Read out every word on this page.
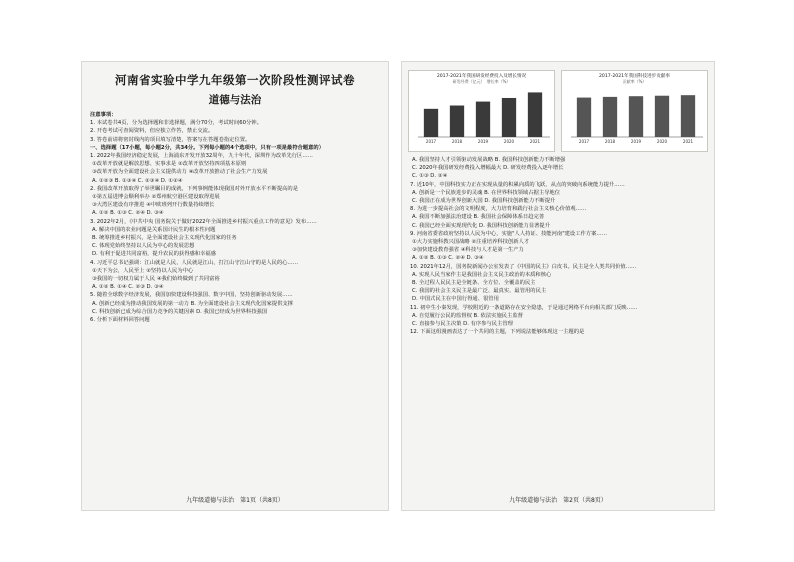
河南省实验中学九年级第一次阶段性测评试卷
道德与法治
注意事项：
1. 本试卷共4页，分为选择题和非选择题，满分70分，考试时间60分钟。
2. 开卷考试可查阅资料，但应独立作答，禁止交流。
3. 答卷前请将密封线内的项目填写清楚，答案写在答题卷指定位置。
一、选择题（17小题，每小题2分，共34分。下列每小题的4个选项中，只有一项是最符合题意的）
1. 2022年我国经济稳定发展，上海浦东开发开放32周年，九十年代，深圳作为改革先行区……
①改革开放就是解放思想、实事求是 ②改革开放坚持四项基本原则
③改革开放为全面建设社会主义提供动力 ④改革开放推动了社会生产力发展
A. ①②③ B. ①③④ C. ②③④ D. ①②④
2. 我国改革开放取得了举世瞩目的成就，下列事例能体现我国对外开放水平不断提高的是
①第五届进博会顺利举办 ②郑州航空港区建设取得进展
③大湾区建设有序推进 ④中欧班列开行数量持续增长
A. ①② B. ①③ C. ②④ D. ③④
3. 2022年2月，《中共中央 国务院关于做好2022年全面推进乡村振兴重点工作的意见》发布……
A. 解决中国的农业问题是关系国计民生的根本性问题
B. 统筹推进乡村振兴，是全面建设社会主义现代化国家的任务
C. 体现党始终坚持以人民为中心的发展思想
D. 有利于促进共同富裕，提升农民的获得感和幸福感
4. 习近平总书记强调：江山就是人民，人民就是江山，打江山守江山守的是人民的心……
①天下为公，人民至上 ②坚持以人民为中心
③我国的一切权力属于人民 ④我们始终做到了共同富裕
A. ①② B. ①④ C. ②③ D. ③④
5. 随着全球数字经济发展，我国加快建设科技强国、数字中国，坚持创新驱动发展……
A. 创新已经成为推动我国发展的第一动力 B. 为全面建设社会主义现代化国家提供支撑
C. 科技创新已成为综合国力竞争的关键因素 D. 我国已经成为世界科技强国
6. 分析下面材料回答问题
九年级道德与法治　第1页（共8页）
2017-2021年我国研发经费投入及增长情况
研发经费（亿元）　增长率（%）
2017	2018	2019	2020	2021
2017-2021年我国科技进步贡献率
贡献率（%）
2017	2018	2019	2020	2021
A. 我国坚持人才引领驱动发展战略 B. 我国科技创新能力不断增强
C. 2020年我国研发经费投入增幅最大 D. 研发经费投入逐年增长
C. ①③ D. ②④
7. 近10年，中国科技实力正在实现从量的积累向质的飞跃，从点的突破向系统能力提升……
A. 创新是一个民族进步的灵魂 B. 在世界科技领域占据主导地位
C. 我国正在成为世界创新大国 D. 我国科技创新能力不断提升
8. 为进一步提高社会的文明程度，大力培育和践行社会主义核心价值观……
A. 我国不断加强法治建设 B. 我国社会保障体系日趋完善
C. 我国已经全面实现现代化 D. 我国科技创新能力显著提升
9. 河南省委省政府坚持以人民为中心，实施"人人持证、技能河南"建设工作方案……
①大力实施科教兴国战略 ②注重培养科技创新人才
③加快建设教育强省 ④科技与人才是第一生产力
A. ①② B. ①③ C. ②④ D. ③④
10. 2021年12月，国务院新闻办公室发表了《中国的民主》白皮书。民主是全人类共同价值……
A. 实现人民当家作主是我国社会主义民主政治的本质和核心
B. 全过程人民民主是全链条、全方位、全覆盖的民主
C. 我国的社会主义民主是最广泛、最真实、最管用的民主
D. 中国式民主在中国行得通、很管用
11. 初中生小秦发现，学校附近的一条道路存在安全隐患，于是通过网络平台向相关部门反映……
A. 自觉履行公民的监督权 B. 依法实施民主监督
C. 直接参与民主决策 D. 有序参与民主管理
12. 下面这组漫画表达了一个共同的主题，下列说法能够体现这一主题的是
九年级道德与法治　第2页（共8页）
